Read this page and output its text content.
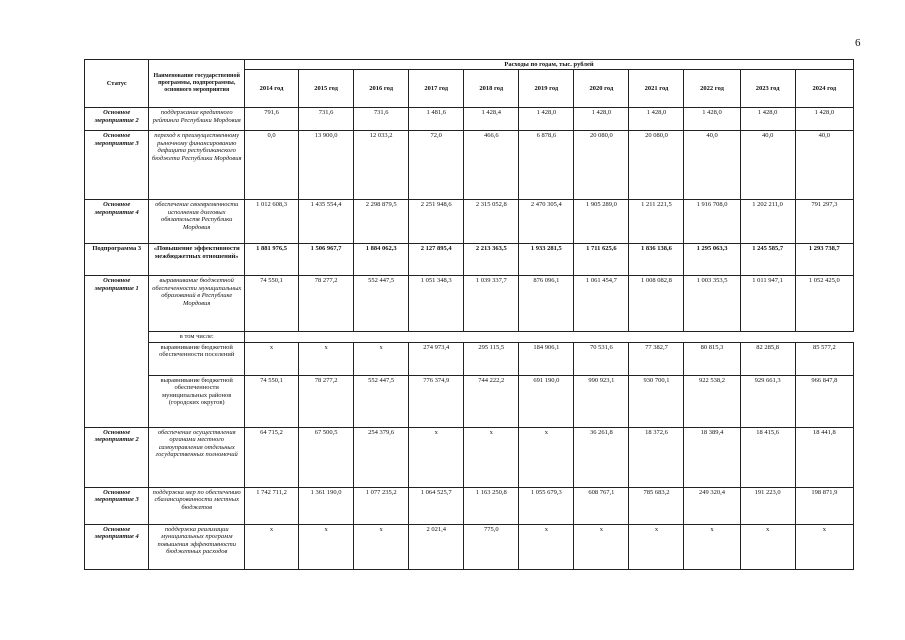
6
Статус	Наименование государственной программы, подпрограммы, основного мероприятия	Расходы по годам, тыс. рублей										
		2014 год	2015 год	2016 год	2017 год	2018 год	2019 год	2020 год	2021 год	2022 год	2023 год	2024 год
Основное мероприятие 2	поддержание кредитного рейтинга Республики Мордовия	791,6	731,6	731,6	1 481,6	1 428,4	1 428,0	1 428,0	1 428,0	1 428,0	1 428,0	1 428,0
Основное мероприятие 3	переход к преимущественному рыночному финансированию дефицита республиканского бюджета Республики Мордовия	0,0	13 900,0	12 033,2	72,0	466,6	6 878,6	20 080,0	20 080,0	40,0	40,0	40,0
Основное мероприятие 4	обеспечение своевременности исполнения долговых обязательств Республики Мордовия	1 012 608,3	1 435 554,4	2 298 879,5	2 251 948,6	2 315 052,8	2 470 305,4	1 905 289,0	1 211 221,5	1 916 708,0	1 202 211,0	791 297,3
Подпрограмма 3	«Повышение эффективности межбюджетных отношений»	1 881 976,5	1 506 967,7	1 884 062,3	2 127 895,4	2 213 363,5	1 933 281,5	1 711 625,6	1 836 138,6	1 295 063,3	1 245 585,7	1 293 738,7
Основное мероприятие 1	выравнивание бюджетной обеспеченности муниципальных образований в Республике Мордовия	74 550,1	78 277,2	552 447,5	1 051 348,3	1 039 337,7	876 096,1	1 061 454,7	1 008 082,8	1 003 353,5	1 011 947,1	1 052 425,0
	в том числе:											
	выравнивание бюджетной обеспеченности поселений	x	x	x	274 973,4	295 115,5	184 906,1	70 531,6	77 382,7	80 815,3	82 285,8	85 577,2
	выравнивание бюджетной обеспеченности муниципальных районов (городских округов)	74 550,1	78 277,2	552 447,5	776 374,9	744 222,2	691 190,0	990 923,1	930 700,1	922 538,2	929 661,3	966 847,8
Основное мероприятие 2	обеспечение осуществления органами местного самоуправления отдельных государственных полномочий	64 715,2	67 500,5	254 379,6	x	x	x	36 261,8	18 372,6	18 389,4	18 415,6	18 441,8
Основное мероприятие 3	поддержка мер по обеспечению сбалансированности местных бюджетов	1 742 711,2	1 361 190,0	1 077 235,2	1 064 525,7	1 163 250,8	1 055 679,3	608 767,1	785 683,2	249 320,4	191 223,0	198 871,9
Основное мероприятие 4	поддержка реализации муниципальных программ повышения эффективности бюджетных расходов	x	x	x	2 021,4	775,0	x	x	x	x	x	x
